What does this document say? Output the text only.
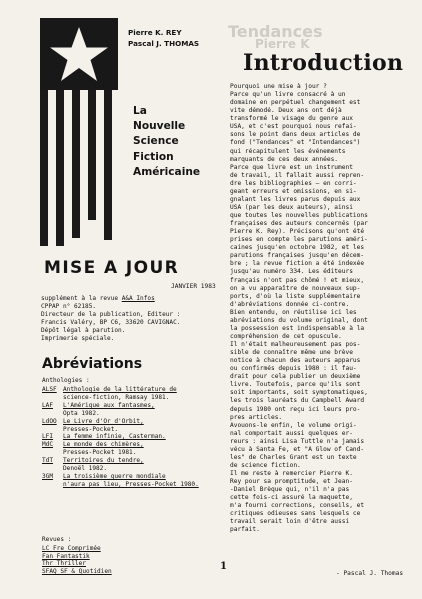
Pierre K. REY
Pascal J. THOMAS
La
Nouvelle
Science
Fiction
Américaine
Tendances
Pierre K
Introduction
MISE A JOUR
JANVIER 1983
supplément à la revue A&A Infos
CPPAP n° 62185.
Directeur de la publication, Editeur :
Francis Valéry, BP C6, 33620 CAVIGNAC.
Dépôt légal à parution.
Imprimerie spéciale.
Abréviations
Anthologies :
ALSF	Anthologie de la littérature de
science-fiction, Ramsay 1981.
LAF	L'Amérique aux fantasmes,
Opta 1982.
LdOO	Le Livre d'Or d'Orbit,
Presses-Pocket.
LFI	La femme infinie, Casterman.
MdC	Le monde des chimères,
Presses-Pocket 1981.
TdT	Territoires du tendre,
Denoël 1982.
3GM	La troisième guerre mondiale
n'aura pas lieu, Presses-Pocket 1980.
Revues :
LC Fre Comprimée
Fan Fantastik
Thr Thriller
SFAQ SF & Quotidien
Pourquoi une mise à jour ?
Parce qu'un livre consacré à un
domaine en perpétuel changement est
vite démodé. Deux ans ont déjà
transformé le visage du genre aux
USA, et c'est pourquoi nous refai-
sons le point dans deux articles de
fond ("Tendances" et "Intendances")
qui récapitulent les événements
marquants de ces deux années.
Parce que livre est un instrument
de travail, il fallait aussi repren-
dre les bibliographies — en corri-
geant erreurs et omissions, en si-
gnalant les livres parus depuis aux
USA (par les deux auteurs), ainsi
que toutes les nouvelles publications
françaises des auteurs concernés (par
Pierre K. Rey). Précisons qu'ont été
prises en compte les parutions améri-
caines jusqu'en octobre 1982, et les
parutions françaises jusqu'en décem-
bre ; la revue fiction a été indexée
jusqu'au numéro 334. Les éditeurs
français n'ont pas chômé ! et mieux,
on a vu apparaître de nouveaux sup-
ports, d'où la liste supplémentaire
d'abréviations donnée ci-contre.
Bien entendu, on réutilise ici les
abréviations du volume original, dont
la possession est indispensable à la
compréhension de cet opuscule.
Il n'était malheureusement pas pos-
sible de connaître même une brève
notice à chacun des auteurs apparus
ou confirmés depuis 1980 : il fau-
drait pour cela publier un deuxième
livre. Toutefois, parce qu'ils sont
soit importants, soit symptomatiques,
les trois lauréats du Campbell Award
depuis 1980 ont reçu ici leurs pro-
pres articles.
Avouons-le enfin, le volume origi-
nal comportait aussi quelques er-
reurs : ainsi Lisa Tuttle n'a jamais
vécu à Santa Fe, et "A Glow of Cand-
les" de Charles Grant est un texte
de science fiction.
Il me reste à remercier Pierre K.
Rey pour sa promptitude, et Jean-
-Daniel Brèque qui, n'il n'a pas
cette fois-ci assuré la maquette,
m'a fourni corrections, conseils, et
critiques odieuses sans lesquels ce
travail serait loin d'être aussi
parfait.
- Pascal J. Thomas
1
